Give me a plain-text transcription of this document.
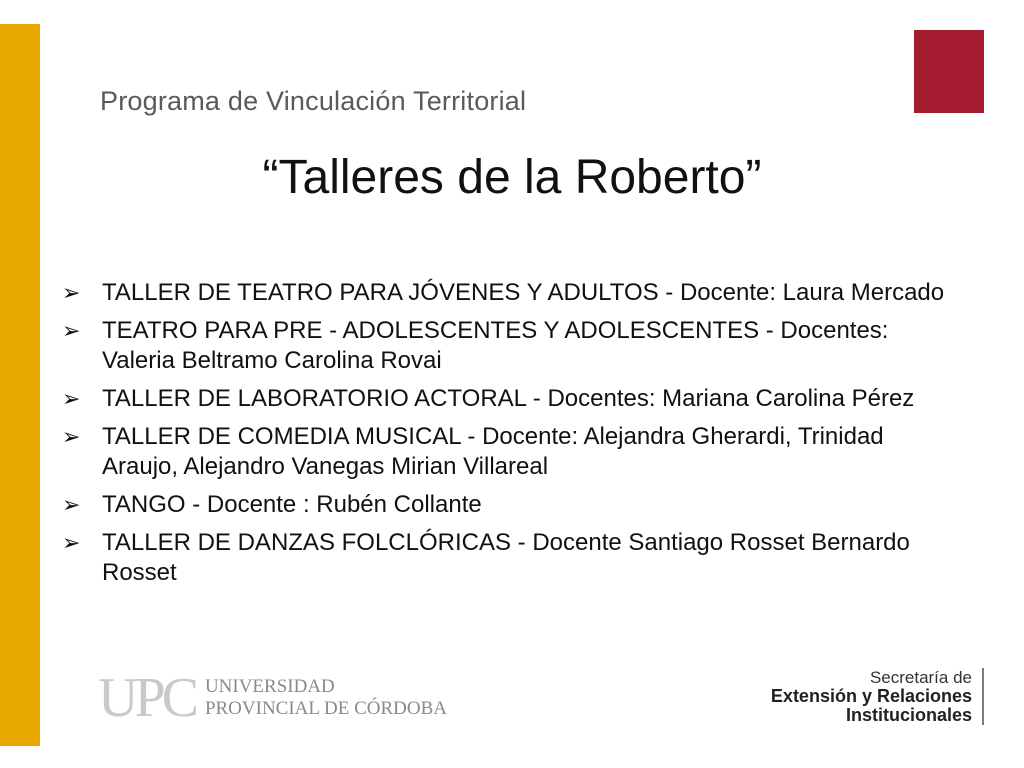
Programa de Vinculación Territorial
“Talleres de la Roberto”
➢ TALLER DE TEATRO PARA JÓVENES Y ADULTOS - Docente: Laura Mercado
➢ TEATRO PARA PRE - ADOLESCENTES Y ADOLESCENTES - Docentes: Valeria Beltramo Carolina Rovai
➢ TALLER DE LABORATORIO ACTORAL - Docentes: Mariana Carolina Pérez
➢ TALLER DE COMEDIA MUSICAL - Docente: Alejandra Gherardi, Trinidad Araujo, Alejandro Vanegas Mirian Villareal
➢ TANGO - Docente : Rubén Collante
➢ TALLER DE DANZAS FOLCLÓRICAS - Docente Santiago Rosset Bernardo Rosset
UPC UNIVERSIDAD
PROVINCIAL DE CÓRDOBA
Secretaría de
Extensión y Relaciones
Institucionales
